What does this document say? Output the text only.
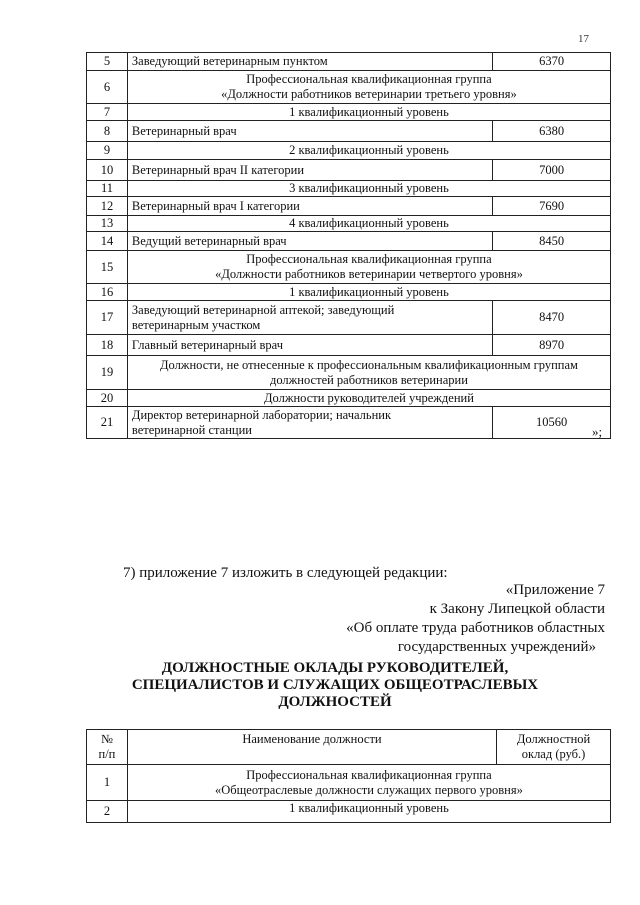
17
5	Заведующий ветеринарным пунктом	6370
6	Профессиональная квалификационная группа
«Должности работников ветеринарии третьего уровня»	
7	1 квалификационный уровень	
8	Ветеринарный врач	6380
9	2 квалификационный уровень	
10	Ветеринарный врач II категории	7000
11	3 квалификационный уровень	
12	Ветеринарный врач I категории	7690
13	4 квалификационный уровень	
14	Ведущий ветеринарный врач	8450
15	Профессиональная квалификационная группа
«Должности работников ветеринарии четвертого уровня»	
16	1 квалификационный уровень	
17	Заведующий ветеринарной аптекой; заведующий
ветеринарным участком	8470
18	Главный ветеринарный врач	8970
19	Должности, не отнесенные к профессиональным квалификационным группам
должностей работников ветеринарии	
20	Должности руководителей учреждений	
21	Директор ветеринарной лаборатории; начальник
ветеринарной станции	10560
»;
7) приложение 7 изложить в следующей редакции:
«Приложение 7
к Закону Липецкой области
«Об оплате труда работников областных
государственных учреждений»
ДОЛЖНОСТНЫЕ ОКЛАДЫ РУКОВОДИТЕЛЕЙ,
СПЕЦИАЛИСТОВ И СЛУЖАЩИХ ОБЩЕОТРАСЛЕВЫХ
ДОЛЖНОСТЕЙ
№
п/п	Наименование должности	Должностной
оклад (руб.)
1	Профессиональная квалификационная группа
«Общеотраслевые должности служащих первого уровня»	
2	1 квалификационный уровень	
